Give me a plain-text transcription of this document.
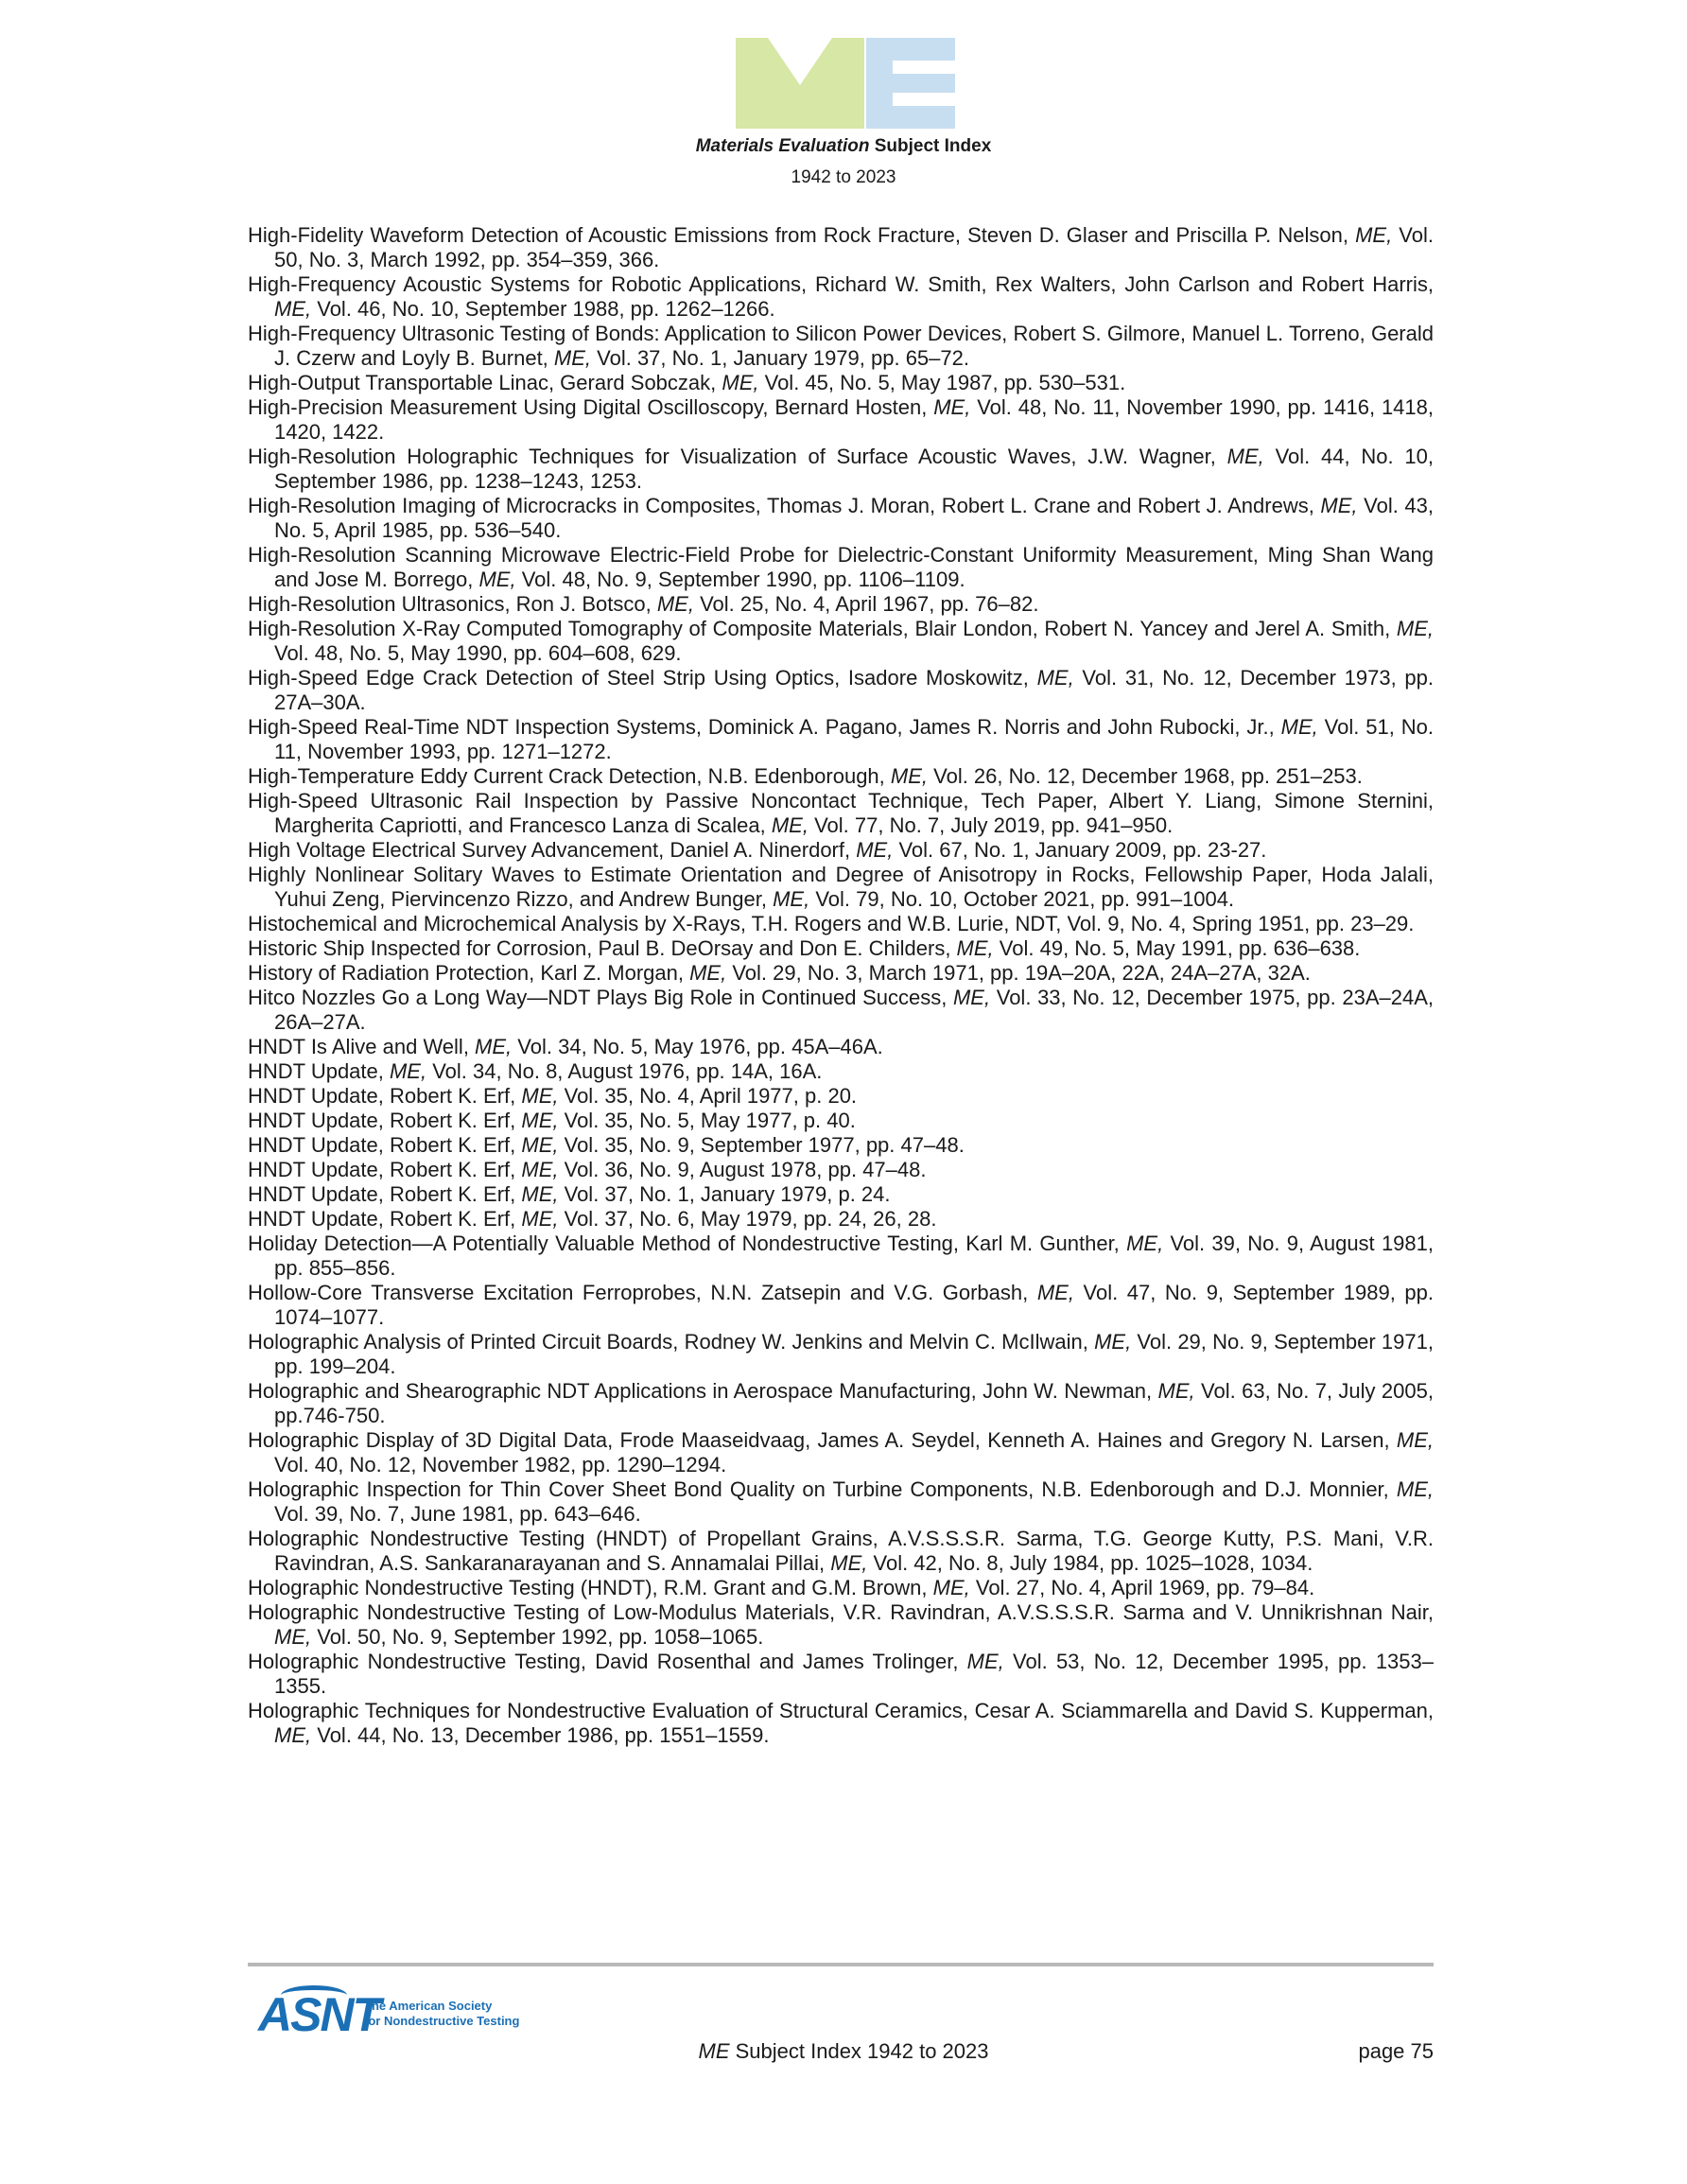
Materials Evaluation Subject Index
1942 to 2023
High-Fidelity Waveform Detection of Acoustic Emissions from Rock Fracture, Steven D. Glaser and Priscilla P. Nelson, ME, Vol. 50, No. 3, March 1992, pp. 354–359, 366.
High-Frequency Acoustic Systems for Robotic Applications, Richard W. Smith, Rex Walters, John Carlson and Robert Harris, ME, Vol. 46, No. 10, September 1988, pp. 1262–1266.
High-Frequency Ultrasonic Testing of Bonds: Application to Silicon Power Devices, Robert S. Gilmore, Manuel L. Torreno, Gerald J. Czerw and Loyly B. Burnet, ME, Vol. 37, No. 1, January 1979, pp. 65–72.
High-Output Transportable Linac, Gerard Sobczak, ME, Vol. 45, No. 5, May 1987, pp. 530–531.
High-Precision Measurement Using Digital Oscilloscopy, Bernard Hosten, ME, Vol. 48, No. 11, November 1990, pp. 1416, 1418, 1420, 1422.
High-Resolution Holographic Techniques for Visualization of Surface Acoustic Waves, J.W. Wagner, ME, Vol. 44, No. 10, September 1986, pp. 1238–1243, 1253.
High-Resolution Imaging of Microcracks in Composites, Thomas J. Moran, Robert L. Crane and Robert J. Andrews, ME, Vol. 43, No. 5, April 1985, pp. 536–540.
High-Resolution Scanning Microwave Electric-Field Probe for Dielectric-Constant Uniformity Measurement, Ming Shan Wang and Jose M. Borrego, ME, Vol. 48, No. 9, September 1990, pp. 1106–1109.
High-Resolution Ultrasonics, Ron J. Botsco, ME, Vol. 25, No. 4, April 1967, pp. 76–82.
High-Resolution X-Ray Computed Tomography of Composite Materials, Blair London, Robert N. Yancey and Jerel A. Smith, ME, Vol. 48, No. 5, May 1990, pp. 604–608, 629.
High-Speed Edge Crack Detection of Steel Strip Using Optics, Isadore Moskowitz, ME, Vol. 31, No. 12, December 1973, pp. 27A–30A.
High-Speed Real-Time NDT Inspection Systems, Dominick A. Pagano, James R. Norris and John Rubocki, Jr., ME, Vol. 51, No. 11, November 1993, pp. 1271–1272.
High-Temperature Eddy Current Crack Detection, N.B. Edenborough, ME, Vol. 26, No. 12, December 1968, pp. 251–253.
High-Speed Ultrasonic Rail Inspection by Passive Noncontact Technique, Tech Paper, Albert Y. Liang, Simone Sternini, Margherita Capriotti, and Francesco Lanza di Scalea, ME, Vol. 77, No. 7, July 2019, pp. 941–950.
High Voltage Electrical Survey Advancement, Daniel A. Ninerdorf, ME, Vol. 67, No. 1, January 2009, pp. 23-27.
Highly Nonlinear Solitary Waves to Estimate Orientation and Degree of Anisotropy in Rocks, Fellowship Paper, Hoda Jalali, Yuhui Zeng, Piervincenzo Rizzo, and Andrew Bunger, ME, Vol. 79, No. 10, October 2021, pp. 991–1004.
Histochemical and Microchemical Analysis by X-Rays, T.H. Rogers and W.B. Lurie, NDT, Vol. 9, No. 4, Spring 1951, pp. 23–29.
Historic Ship Inspected for Corrosion, Paul B. DeOrsay and Don E. Childers, ME, Vol. 49, No. 5, May 1991, pp. 636–638.
History of Radiation Protection, Karl Z. Morgan, ME, Vol. 29, No. 3, March 1971, pp. 19A–20A, 22A, 24A–27A, 32A.
Hitco Nozzles Go a Long Way—NDT Plays Big Role in Continued Success, ME, Vol. 33, No. 12, December 1975, pp. 23A–24A, 26A–27A.
HNDT Is Alive and Well, ME, Vol. 34, No. 5, May 1976, pp. 45A–46A.
HNDT Update, ME, Vol. 34, No. 8, August 1976, pp. 14A, 16A.
HNDT Update, Robert K. Erf, ME, Vol. 35, No. 4, April 1977, p. 20.
HNDT Update, Robert K. Erf, ME, Vol. 35, No. 5, May 1977, p. 40.
HNDT Update, Robert K. Erf, ME, Vol. 35, No. 9, September 1977, pp. 47–48.
HNDT Update, Robert K. Erf, ME, Vol. 36, No. 9, August 1978, pp. 47–48.
HNDT Update, Robert K. Erf, ME, Vol. 37, No. 1, January 1979, p. 24.
HNDT Update, Robert K. Erf, ME, Vol. 37, No. 6, May 1979, pp. 24, 26, 28.
Holiday Detection—A Potentially Valuable Method of Nondestructive Testing, Karl M. Gunther, ME, Vol. 39, No. 9, August 1981, pp. 855–856.
Hollow-Core Transverse Excitation Ferroprobes, N.N. Zatsepin and V.G. Gorbash, ME, Vol. 47, No. 9, September 1989, pp. 1074–1077.
Holographic Analysis of Printed Circuit Boards, Rodney W. Jenkins and Melvin C. McIlwain, ME, Vol. 29, No. 9, September 1971, pp. 199–204.
Holographic and Shearographic NDT Applications in Aerospace Manufacturing, John W. Newman, ME, Vol. 63, No. 7, July 2005, pp.746-750.
Holographic Display of 3D Digital Data, Frode Maaseidvaag, James A. Seydel, Kenneth A. Haines and Gregory N. Larsen, ME, Vol. 40, No. 12, November 1982, pp. 1290–1294.
Holographic Inspection for Thin Cover Sheet Bond Quality on Turbine Components, N.B. Edenborough and D.J. Monnier, ME, Vol. 39, No. 7, June 1981, pp. 643–646.
Holographic Nondestructive Testing (HNDT) of Propellant Grains, A.V.S.S.S.R. Sarma, T.G. George Kutty, P.S. Mani, V.R. Ravindran, A.S. Sankaranarayanan and S. Annamalai Pillai, ME, Vol. 42, No. 8, July 1984, pp. 1025–1028, 1034.
Holographic Nondestructive Testing (HNDT), R.M. Grant and G.M. Brown, ME, Vol. 27, No. 4, April 1969, pp. 79–84.
Holographic Nondestructive Testing of Low-Modulus Materials, V.R. Ravindran, A.V.S.S.S.R. Sarma and V. Unnikrishnan Nair, ME, Vol. 50, No. 9, September 1992, pp. 1058–1065.
Holographic Nondestructive Testing, David Rosenthal and James Trolinger, ME, Vol. 53, No. 12, December 1995, pp. 1353–1355.
Holographic Techniques for Nondestructive Evaluation of Structural Ceramics, Cesar A. Sciammarella and David S. Kupperman, ME, Vol. 44, No. 13, December 1986, pp. 1551–1559.
ASNT
The American Society
for Nondestructive Testing
ME Subject Index 1942 to 2023	page 75
